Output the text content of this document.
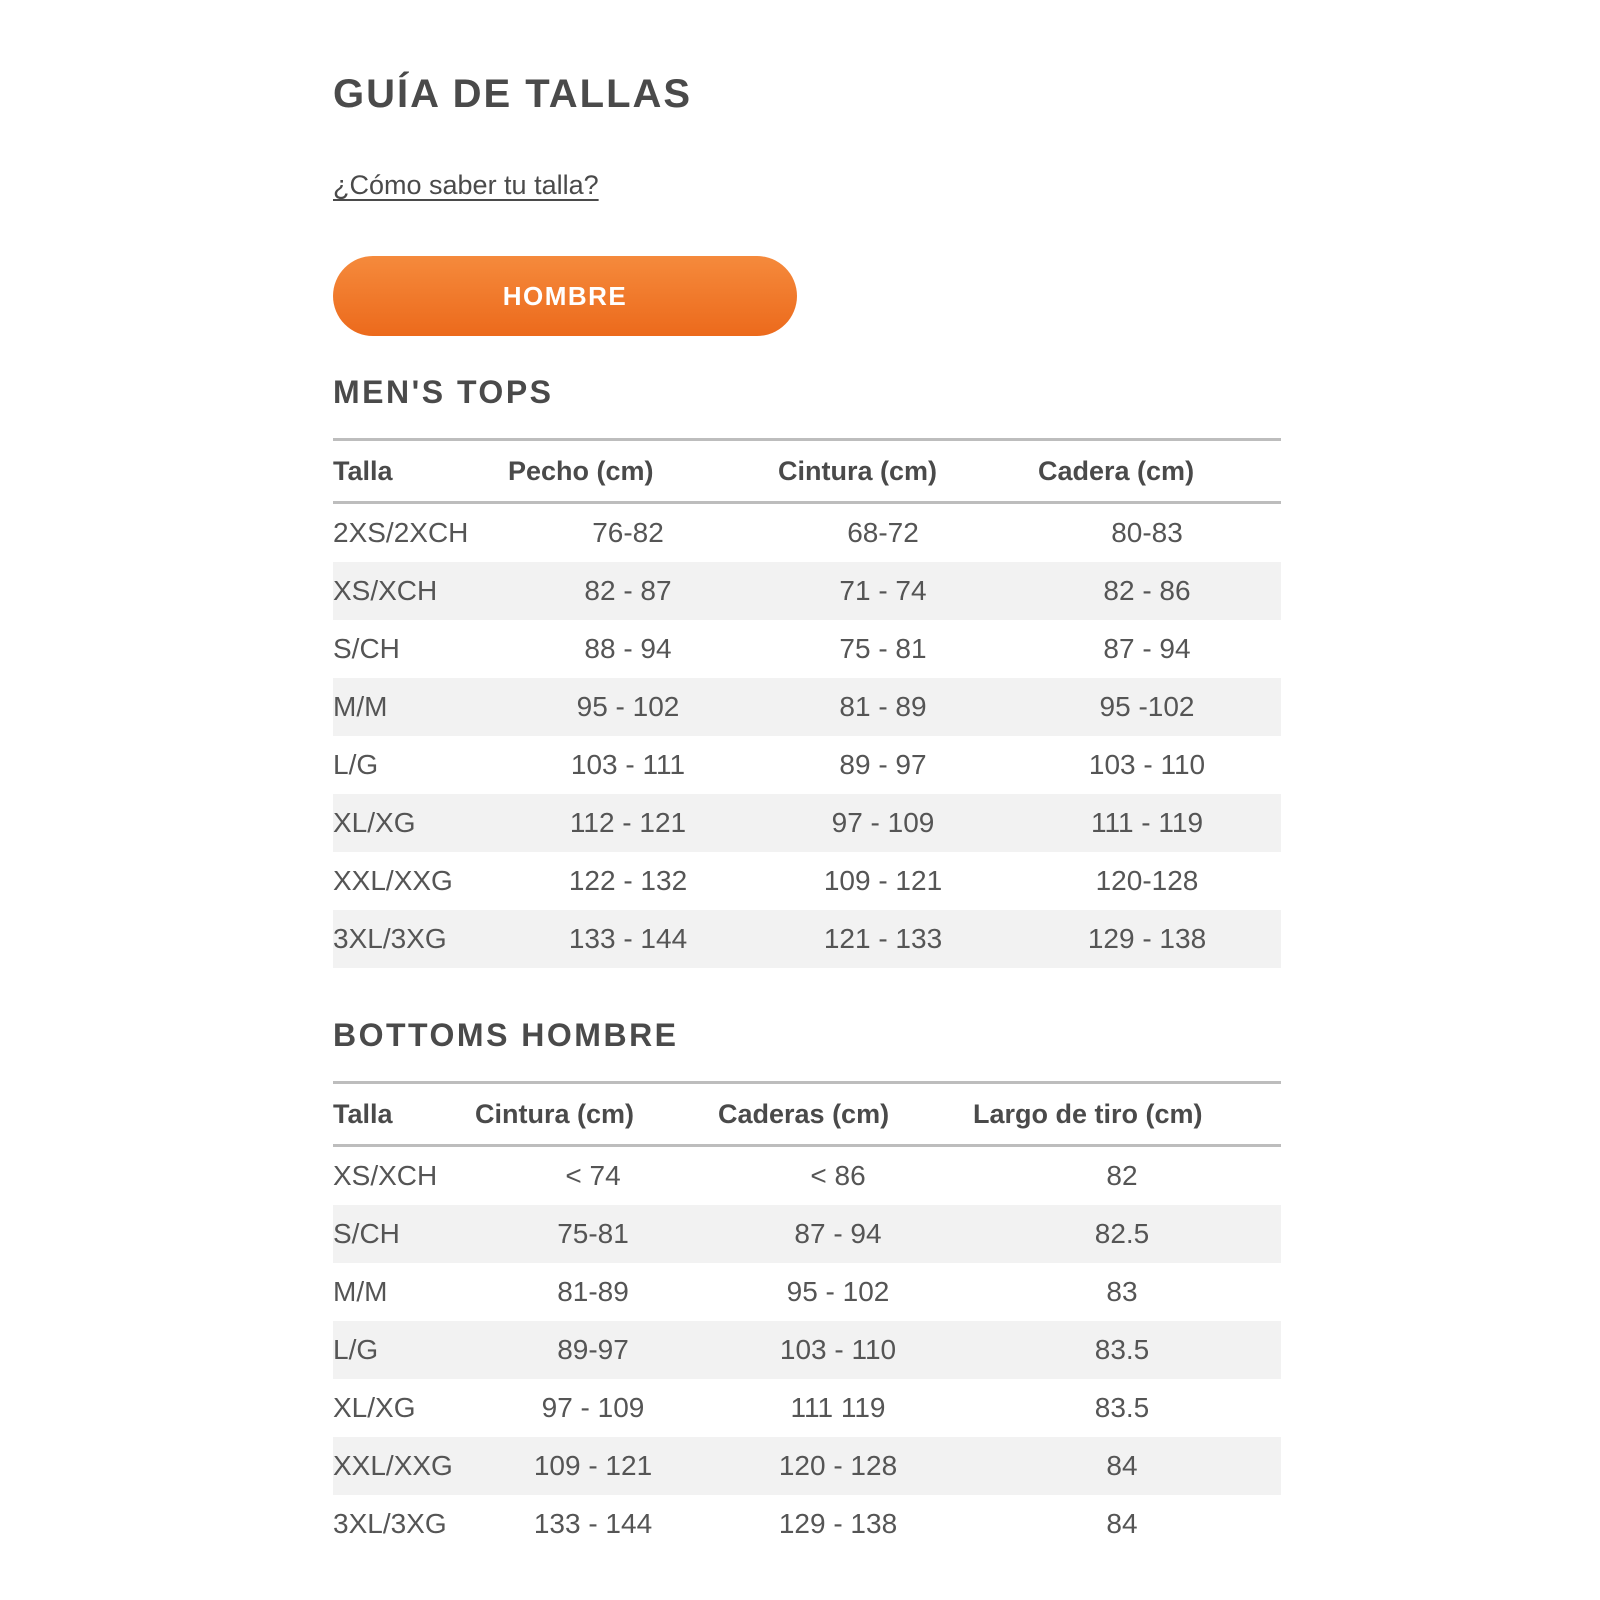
GUÍA DE TALLAS
¿Cómo saber tu talla?
HOMBRE
MEN'S TOPS
Talla	Pecho (cm)	Cintura (cm)	Cadera (cm)
2XS/2XCH	76-82	68-72	80-83
XS/XCH	82 - 87	71 - 74	82 - 86
S/CH	88 - 94	75 - 81	87 - 94
M/M	95 - 102	81 - 89	95 -102
L/G	103 - 111	89 - 97	103 - 110
XL/XG	112 - 121	97 - 109	111 - 119
XXL/XXG	122 - 132	109 - 121	120-128
3XL/3XG	133 - 144	121 - 133	129 - 138
BOTTOMS HOMBRE
Talla	Cintura (cm)	Caderas (cm)	Largo de tiro (cm)
XS/XCH	< 74	< 86	82
S/CH	75-81	87 - 94	82.5
M/M	81-89	95 - 102	83
L/G	89-97	103 - 110	83.5
XL/XG	97 - 109	111 119	83.5
XXL/XXG	109 - 121	120 - 128	84
3XL/3XG	133 - 144	129 - 138	84
